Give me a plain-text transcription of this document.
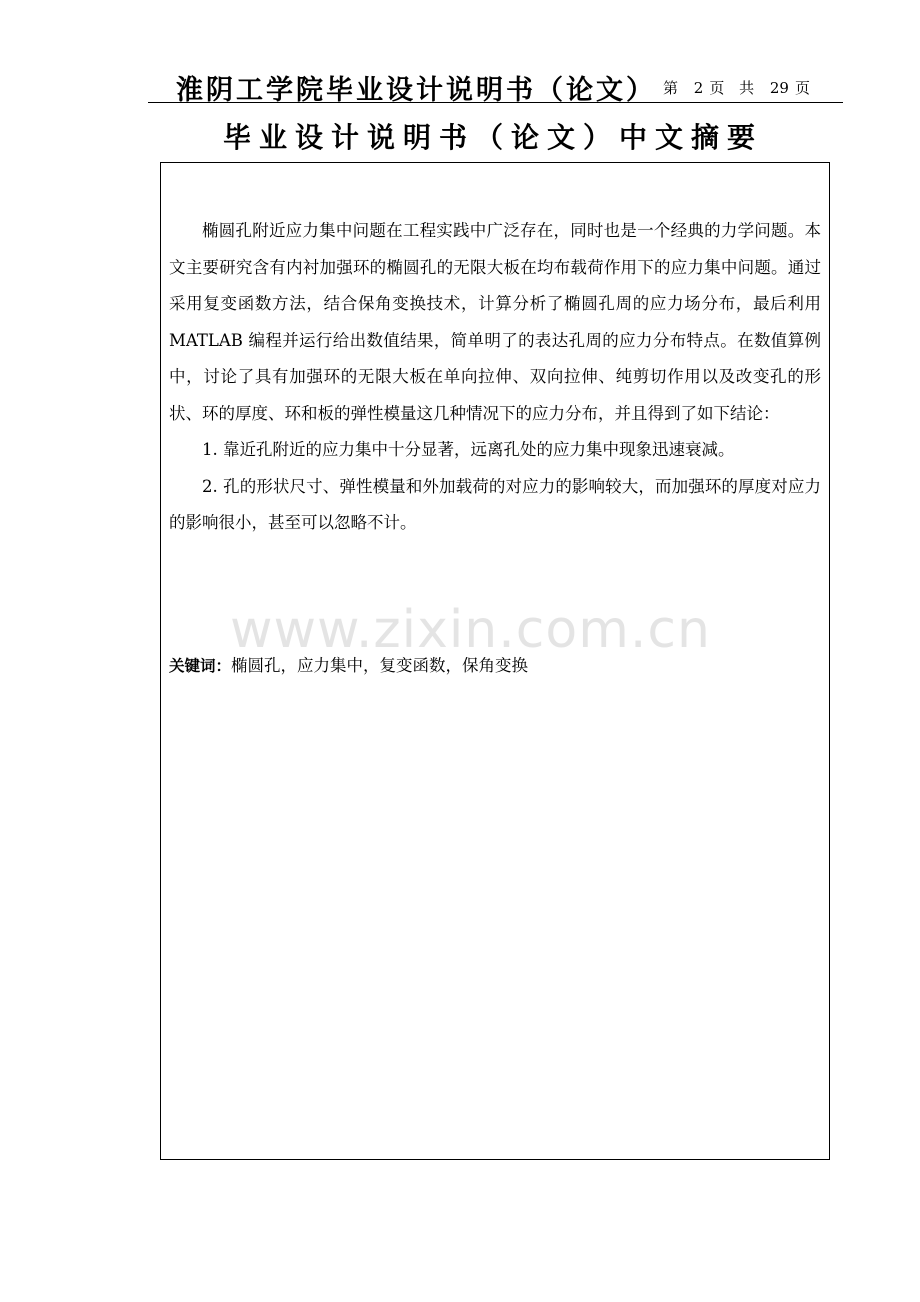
淮阴工学院毕业设计说明书（论文） 第 2 页 共 29 页
毕业设计说明书（论文）中文摘要

椭圆孔附近应力集中问题在工程实践中广泛存在，同时也是一个经典的力学问题。本文主要研究含有内衬加强环的椭圆孔的无限大板在均布载荷作用下的应力集中问题。通过采用复变函数方法，结合保角变换技术，计算分析了椭圆孔周的应力场分布，最后利用 MATLAB 编程并运行给出数值结果，简单明了的表达孔周的应力分布特点。在数值算例中，讨论了具有加强环的无限大板在单向拉伸、双向拉伸、纯剪切作用以及改变孔的形状、环的厚度、环和板的弹性模量这几种情况下的应力分布，并且得到了如下结论：

1. 靠近孔附近的应力集中十分显著，远离孔处的应力集中现象迅速衰减。

2. 孔的形状尺寸、弹性模量和外加载荷的对应力的影响较大，而加强环的厚度对应力的影响很小，甚至可以忽略不计。

关键词：椭圆孔，应力集中，复变函数，保角变换
www.zixin.com.cn
